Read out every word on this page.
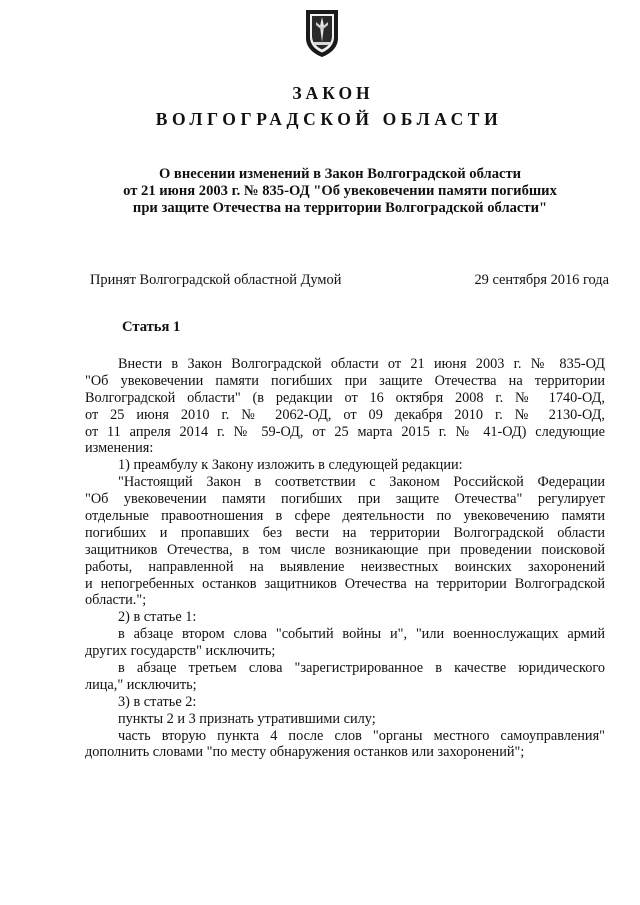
ЗАКОН
ВОЛГОГРАДСКОЙ ОБЛАСТИ
О внесении изменений в Закон Волгоградской области
от 21 июня 2003 г. № 835-ОД "Об увековечении памяти погибших
при защите Отечества на территории Волгоградской области"
Принят Волгоградской областной Думой	29 сентября 2016 года
Статья 1
Внести в Закон Волгоградской области от 21 июня 2003 г. № 835-ОД
"Об увековечении памяти погибших при защите Отечества на территории
Волгоградской области" (в редакции от 16 октября 2008 г. № 1740-ОД,
от 25 июня 2010 г. № 2062-ОД, от 09 декабря 2010 г. № 2130-ОД,
от 11 апреля 2014 г. № 59-ОД, от 25 марта 2015 г. № 41-ОД) следующие
изменения:
1) преамбулу к Закону изложить в следующей редакции:
"Настоящий Закон в соответствии с Законом Российской Федерации
"Об увековечении памяти погибших при защите Отечества" регулирует
отдельные правоотношения в сфере деятельности по увековечению памяти
погибших и пропавших без вести на территории Волгоградской области
защитников Отечества, в том числе возникающие при проведении поисковой
работы, направленной на выявление неизвестных воинских захоронений
и непогребенных останков защитников Отечества на территории Волгоградской
области.";
2) в статье 1:
в абзаце втором слова "событий войны и", "или военнослужащих армий
других государств" исключить;
в абзаце третьем слова "зарегистрированное в качестве юридического
лица," исключить;
3) в статье 2:
пункты 2 и 3 признать утратившими силу;
часть вторую пункта 4 после слов "органы местного самоуправления"
дополнить словами "по месту обнаружения останков или захоронений";
